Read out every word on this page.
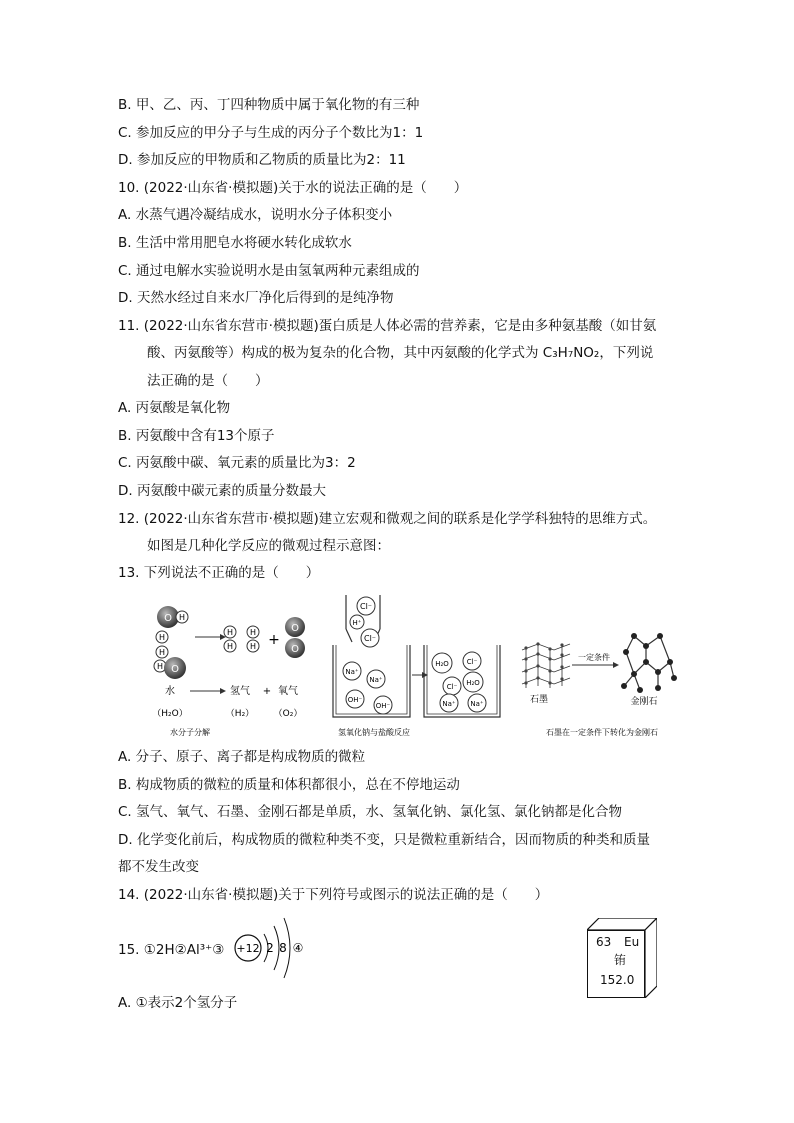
B. 甲、乙、丙、丁四种物质中属于氧化物的有三种
C. 参加反应的甲分子与生成的丙分子个数比为1：1
D. 参加反应的甲物质和乙物质的质量比为2：11
10. (2022·山东省·模拟题)关于水的说法正确的是（　　）
A. 水蒸气遇冷凝结成水，说明水分子体积变小
B. 生活中常用肥皂水将硬水转化成软水
C. 通过电解水实验说明水是由氢氧两种元素组成的
D. 天然水经过自来水厂净化后得到的是纯净物
11. (2022·山东省东营市·模拟题)蛋白质是人体必需的营养素，它是由多种氨基酸（如甘氨
酸、丙氨酸等）构成的极为复杂的化合物，其中丙氨酸的化学式为 C₃H₇NO₂，下列说
法正确的是（　　）
A. 丙氨酸是氧化物
B. 丙氨酸中含有13个原子
C. 丙氨酸中碳、氧元素的质量比为3：2
D. 丙氨酸中碳元素的质量分数最大
12. (2022·山东省东营市·模拟题)建立宏观和微观之间的联系是化学学科独特的思维方式。
如图是几种化学反应的微观过程示意图：
13. 下列说法不正确的是（　　）
O H
H
H
H O
H
H
H
H +
O
O
水	氢气 + 氧气
（H₂O）	（H₂） （O₂）
水分子分解
Cl⁻
H⁺
Cl⁻
Na⁺
Na⁺
OH⁻
OH⁻
H₂O	Cl⁻
H₂O
Cl⁻
Na⁺ Na⁺
氢氧化钠与盐酸反应
一定条件
石墨	金刚石
石墨在一定条件下转化为金刚石
A. 分子、原子、离子都是构成物质的微粒
B. 构成物质的微粒的质量和体积都很小，总在不停地运动
C. 氢气、氧气、石墨、金刚石都是单质，水、氢氧化钠、氯化氢、氯化钠都是化合物
D. 化学变化前后，构成物质的微粒种类不变，只是微粒重新结合，因而物质的种类和质量
都不发生改变
14. (2022·山东省·模拟题)关于下列符号或图示的说法正确的是（　　）
15. ①2H②Al³⁺③ +12 2 8 ④	63 Eu
铕
152.0
A. ①表示2个氢分子
